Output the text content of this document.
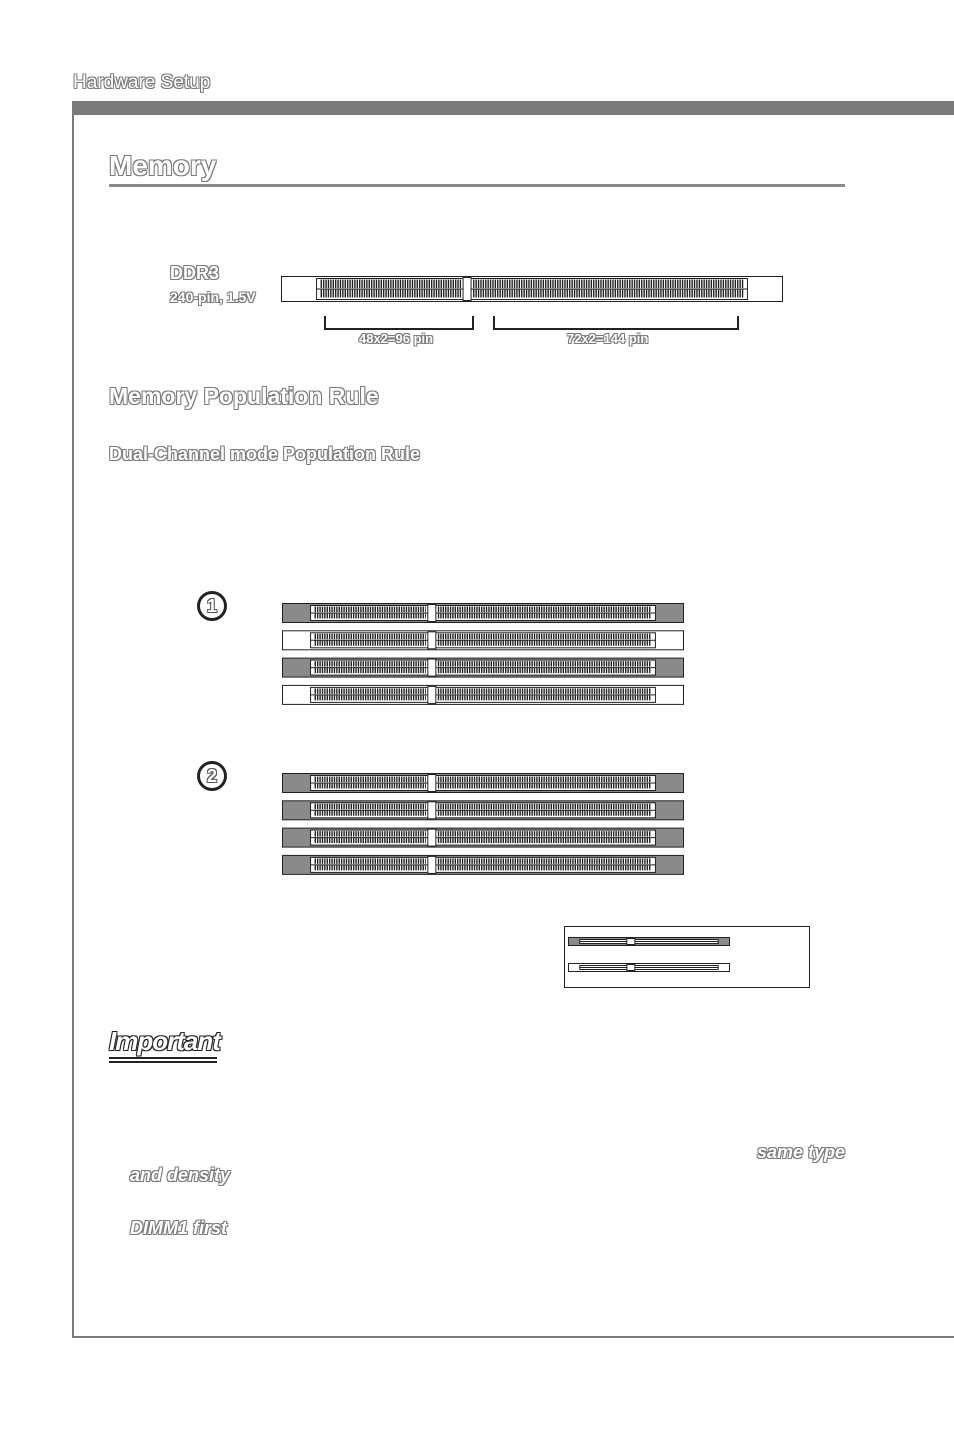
Hardware Setup
Memory
DDR3
240-pin, 1.5V
48x2=96 pin	72x2=144 pin
Memory Population Rule
Dual-Channel mode Population Rule
1
2
Important
same type
and density
DIMM1 first
